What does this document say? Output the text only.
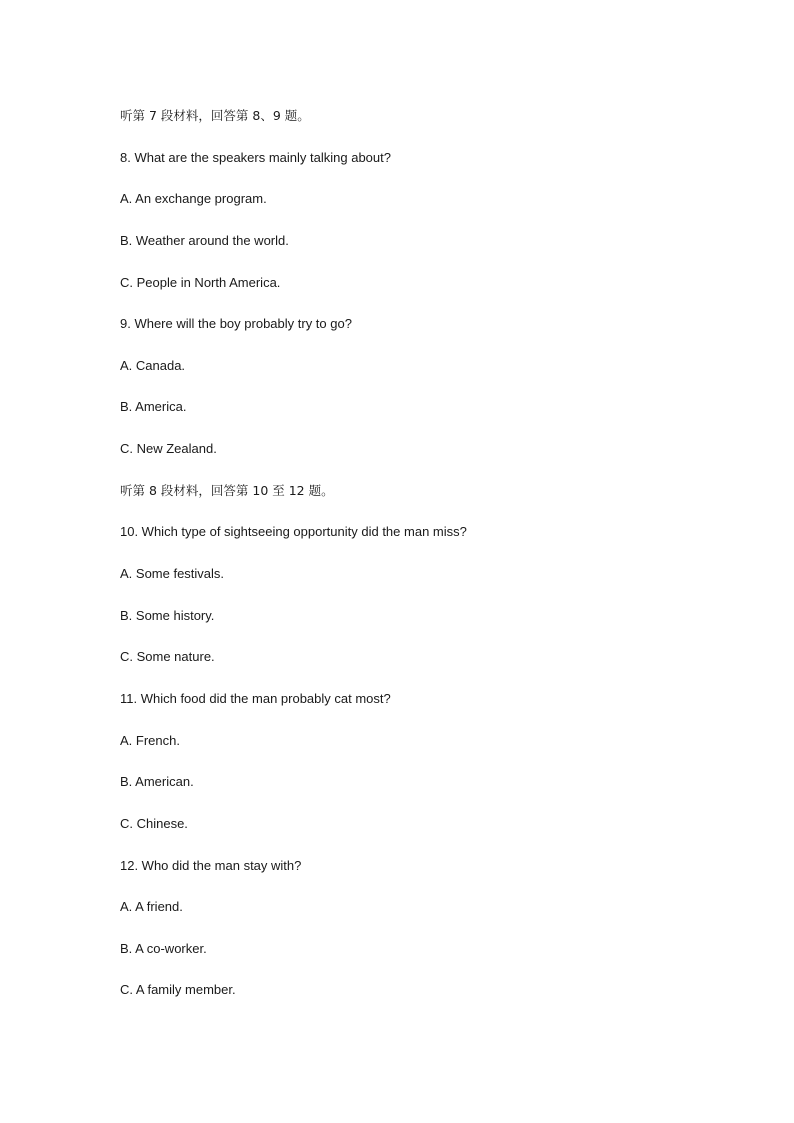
听第 7 段材料，回答第 8、9 题。
8. What are the speakers mainly talking about?
A. An exchange program.
B. Weather around the world.
C. People in North America.
9. Where will the boy probably try to go?
A. Canada.
B. America.
C. New Zealand.
听第 8 段材料，回答第 10 至 12 题。
10. Which type of sightseeing opportunity did the man miss?
A. Some festivals.
B. Some history.
C. Some nature.
11. Which food did the man probably cat most?
A. French.
B. American.
C. Chinese.
12. Who did the man stay with?
A. A friend.
B. A co-worker.
C. A family member.
